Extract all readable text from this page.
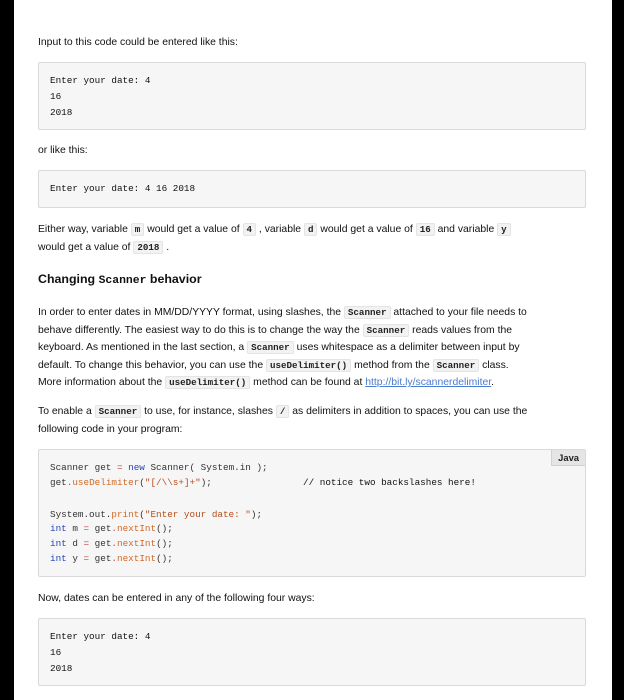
Input to this code could be entered like this:
Enter your date: 4
16
2018
or like this:
Enter your date: 4 16 2018
Either way, variable m would get a value of 4 , variable d would get a value of 16 and variable y
would get a value of 2018 .
Changing Scanner behavior
In order to enter dates in MM/DD/YYYY format, using slashes, the Scanner attached to your file needs to
behave differently. The easiest way to do this is to change the way the Scanner reads values from the
keyboard. As mentioned in the last section, a Scanner uses whitespace as a delimiter between input by
default. To change this behavior, you can use the useDelimiter() method from the Scanner class.
More information about the useDelimiter() method can be found at http://bit.ly/scannerdelimiter.
To enable a Scanner to use, for instance, slashes / as delimiters in addition to spaces, you can use the
following code in your program:
Java
Scanner get = new Scanner( System.in );
get.useDelimiter("[/\\s+]+");	// notice two backslashes here!
System.out.print("Enter your date: ");
int m = get.nextInt();
int d = get.nextInt();
int y = get.nextInt();
Now, dates can be entered in any of the following four ways:
Enter your date: 4
16
2018
